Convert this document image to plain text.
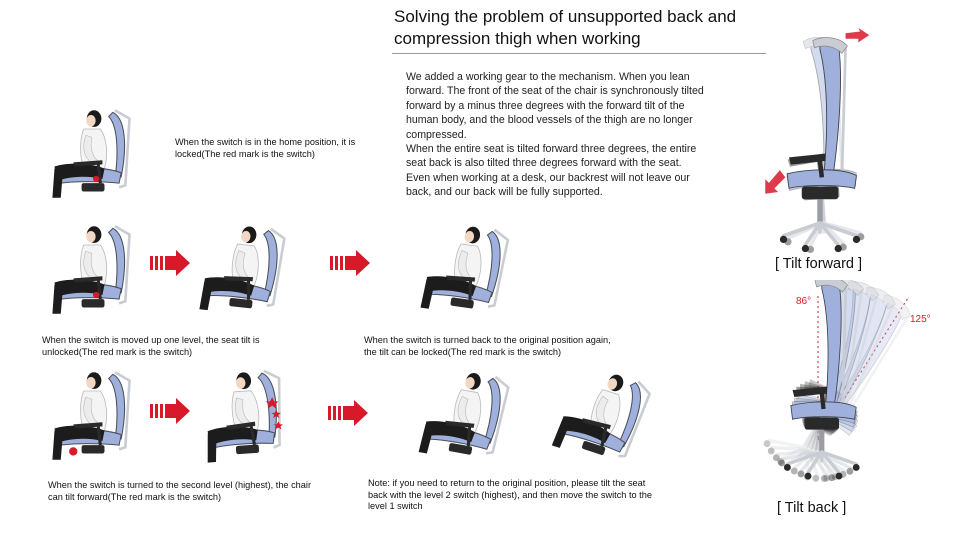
Solving the problem of unsupported back and
compression thigh when working

We added a working gear to the mechanism. When you lean forward. The front of the seat of the chair is synchronously tilted forward by a minus three degrees with the forward tilt of the human body, and the blood vessels of the thigh are no longer compressed.

When the entire seat is tilted forward three degrees, the entire seat back is also tilted three degrees forward with the seat. Even when working at a desk, our backrest will not leave our back, and our back will be fully supported.

When the switch is in the home position, it is locked(The red mark is the switch)
When the switch is moved up one level, the seat tilt is unlocked(The red mark is the switch)
When the switch is turned back to the original position again, the tilt can be locked(The red mark is the switch)
When the switch is turned to the second level (highest), the chair can tilt forward(The red mark is the switch)
Note: if you need to return to the original position, please tilt the seat back with the level 2 switch (highest), and then move the switch to the level 1 switch
[ Tilt forward ]
86°
125°
[ Tilt back ]
